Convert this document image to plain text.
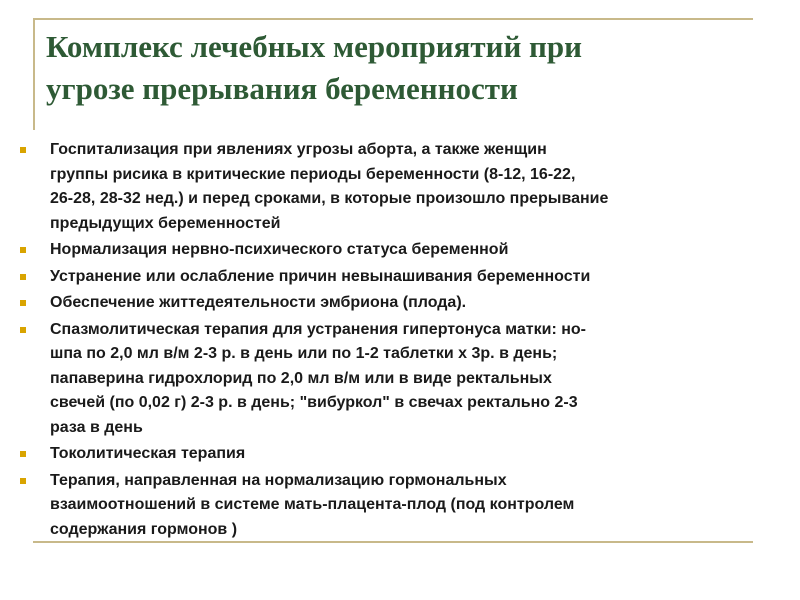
Комплекс лечебных мероприятий при
угрозе прерывания беременности
Госпитализация при явлениях угрозы аборта, а также женщин
группы рисика в критические периоды беременности (8-12, 16-22,
26-28, 28-32 нед.) и перед сроками, в которые произошло прерывание
предыдущих беременностей
Нормализация нервно-психического статуса беременной
Устранение или ослабление причин невынашивания беременности
Обеспечение життедеятельности эмбриона (плода).
Спазмолитическая терапия для устранения гипертонуса матки: но-
шпа по 2,0 мл в/м 2-3 р. в день или по 1-2 таблетки х 3р. в день;
папаверина гидрохлорид по 2,0 мл в/м или в виде ректальных
свечей (по 0,02 г) 2-3 р. в день; "вибуркол" в свечах ректально 2-3
раза в день
Токолитическая терапия
Терапия, направленная на нормализацию гормональных
взаимоотношений в системе мать-плацента-плод (под контролем
содержания гормонов )
